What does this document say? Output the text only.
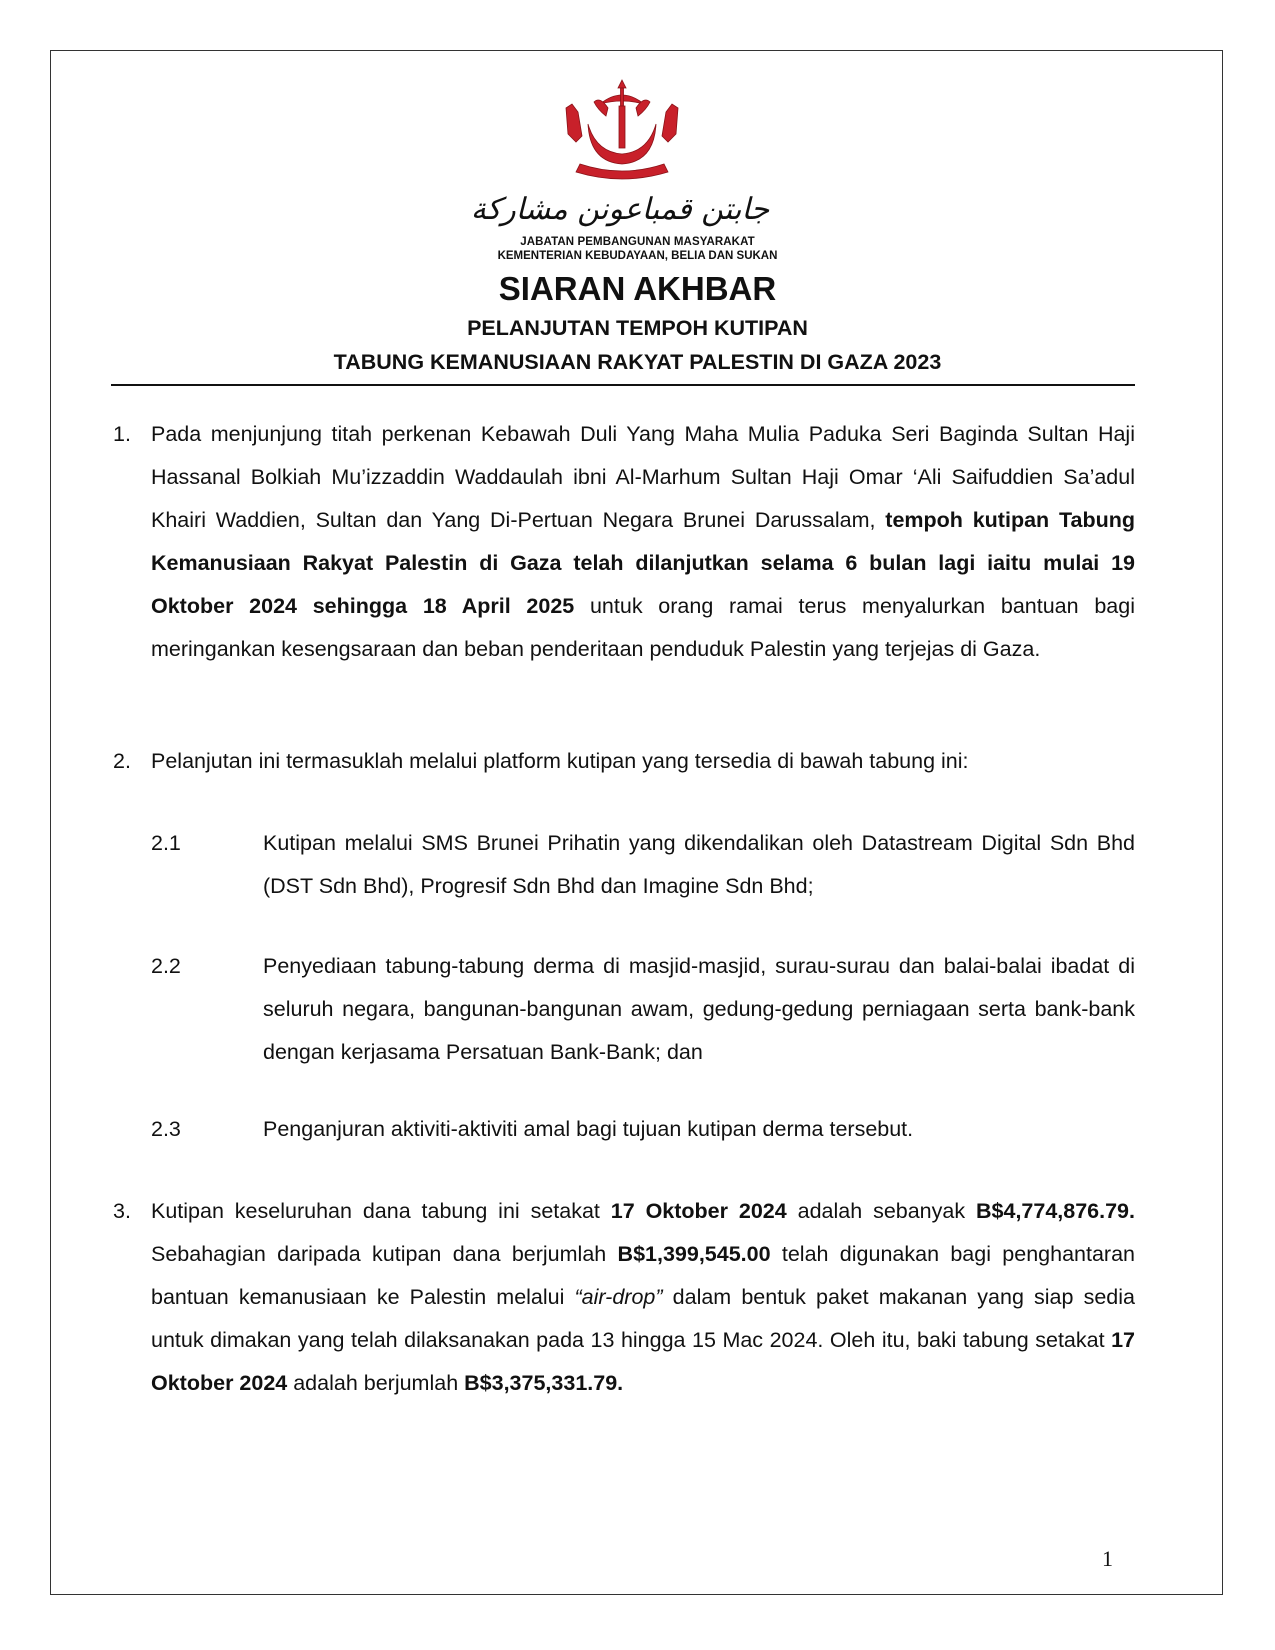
جابتن قمباعونن مشاركة
JABATAN PEMBANGUNAN MASYARAKAT
KEMENTERIAN KEBUDAYAAN, BELIA DAN SUKAN
SIARAN AKHBAR
PELANJUTAN TEMPOH KUTIPAN
TABUNG KEMANUSIAAN RAKYAT PALESTIN DI GAZA 2023
1. Pada menjunjung titah perkenan Kebawah Duli Yang Maha Mulia Paduka Seri Baginda Sultan Haji Hassanal Bolkiah Mu’izzaddin Waddaulah ibni Al-Marhum Sultan Haji Omar ‘Ali Saifuddien Sa’adul Khairi Waddien, Sultan dan Yang Di-Pertuan Negara Brunei Darussalam, tempoh kutipan Tabung Kemanusiaan Rakyat Palestin di Gaza telah dilanjutkan selama 6 bulan lagi iaitu mulai 19 Oktober 2024 sehingga 18 April 2025 untuk orang ramai terus menyalurkan bantuan bagi meringankan kesengsaraan dan beban penderitaan penduduk Palestin yang terjejas di Gaza.
2. Pelanjutan ini termasuklah melalui platform kutipan yang tersedia di bawah tabung ini:
2.1	Kutipan melalui SMS Brunei Prihatin yang dikendalikan oleh Datastream Digital Sdn Bhd (DST Sdn Bhd), Progresif Sdn Bhd dan Imagine Sdn Bhd;
2.2	Penyediaan tabung-tabung derma di masjid-masjid, surau-surau dan balai-balai ibadat di seluruh negara, bangunan-bangunan awam, gedung-gedung perniagaan serta bank-bank dengan kerjasama Persatuan Bank-Bank; dan
2.3	Penganjuran aktiviti-aktiviti amal bagi tujuan kutipan derma tersebut.
3. Kutipan keseluruhan dana tabung ini setakat 17 Oktober 2024 adalah sebanyak B$4,774,876.79. Sebahagian daripada kutipan dana berjumlah B$1,399,545.00 telah digunakan bagi penghantaran bantuan kemanusiaan ke Palestin melalui “air-drop” dalam bentuk paket makanan yang siap sedia untuk dimakan yang telah dilaksanakan pada 13 hingga 15 Mac 2024. Oleh itu, baki tabung setakat 17 Oktober 2024 adalah berjumlah B$3,375,331.79.
1
